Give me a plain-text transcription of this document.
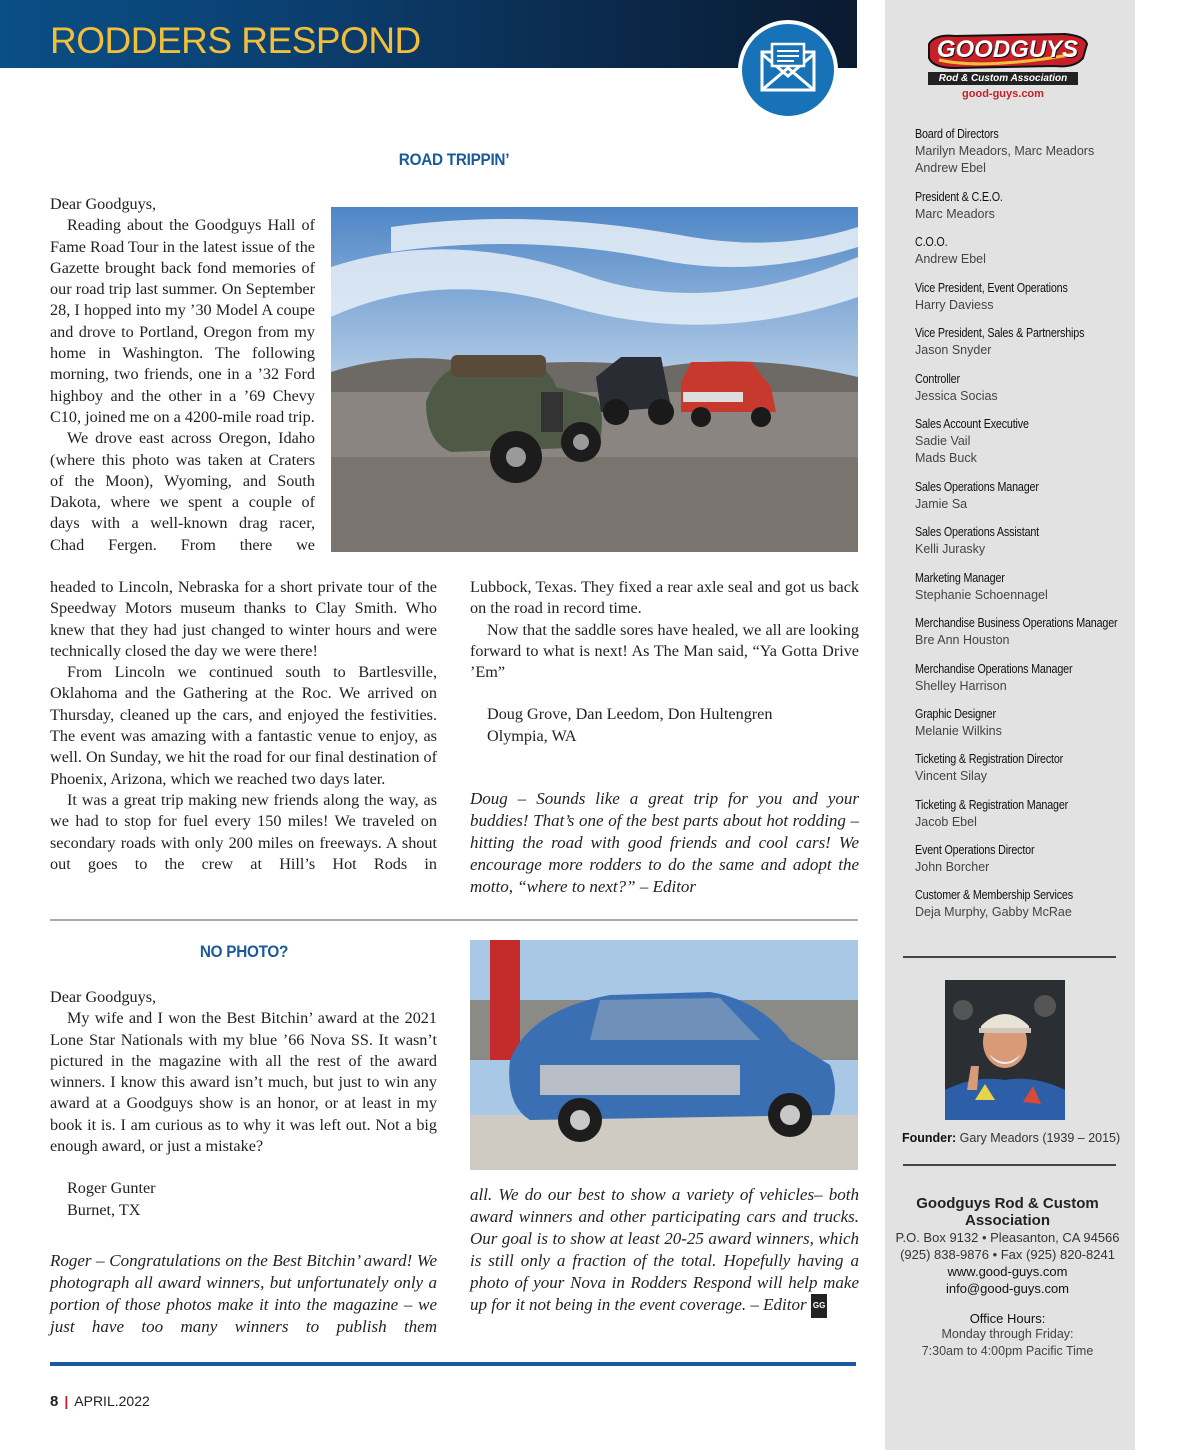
RODDERS RESPOND	GOODGUYS
Rod & Custom Association
good-guys.com
Board of Directors
Marilyn Meadors, Marc Meadors
Andrew Ebel
President & C.E.O.
Marc Meadors
C.O.O.
Andrew Ebel
Vice President, Event Operations
Harry Daviess
Vice President, Sales & Partnerships
Jason Snyder
Controller
Jessica Socias
Sales Account Executive
Sadie Vail
Mads Buck
Sales Operations Manager
Jamie Sa
Sales Operations Assistant
Kelli Jurasky
Marketing Manager
Stephanie Schoennagel
Merchandise Business Operations Manager
Bre Ann Houston
Merchandise Operations Manager
Shelley Harrison
Graphic Designer
Melanie Wilkins
Ticketing & Registration Director
Vincent Silay
Ticketing & Registration Manager
Jacob Ebel
Event Operations Director
John Borcher
Customer & Membership Services
Deja Murphy, Gabby McRae
Founder: Gary Meadors (1939 – 2015)
Goodguys Rod & Custom Association
P.O. Box 9132 • Pleasanton, CA 94566
(925) 838-9876 • Fax (925) 820-8241
www.good-guys.com
info@good-guys.com
Office Hours:
Monday through Friday:
7:30am to 4:00pm Pacific Time
ROAD TRIPPIN’

Dear Goodguys,

Reading about the Goodguys Hall of Fame Road Tour in the latest issue of the Gazette brought back fond memories of our road trip last summer. On September 28, I hopped into my ’30 Model A coupe and drove to Portland, Oregon from my home in Washington. The following morning, two friends, one in a ’32 Ford highboy and the other in a ’69 Chevy C10, joined me on a 4200-mile road trip.

We drove east across Oregon, Idaho (where this photo was taken at Craters of the Moon), Wyoming, and South Dakota, where we spent a couple of days with a well-known drag racer, Chad Fergen. From there we

headed to Lincoln, Nebraska for a short private tour of the Speedway Motors museum thanks to Clay Smith. Who knew that they had just changed to winter hours and were technically closed the day we were there!

From Lincoln we continued south to Bartlesville, Oklahoma and the Gathering at the Roc. We arrived on Thursday, cleaned up the cars, and enjoyed the festivities. The event was amazing with a fantastic venue to enjoy, as well. On Sunday, we hit the road for our final destination of Phoenix, Arizona, which we reached two days later.

It was a great trip making new friends along the way, as we had to stop for fuel every 150 miles! We traveled on secondary roads with only 200 miles on freeways. A shout out goes to the crew at Hill’s Hot Rods in

Lubbock, Texas. They fixed a rear axle seal and got us back on the road in record time.

Now that the saddle sores have healed, we all are looking forward to what is next! As The Man said, “Ya Gotta Drive ’Em”

Doug Grove, Dan Leedom, Don Hultengren

Olympia, WA

Doug – Sounds like a great trip for you and your buddies! That’s one of the best parts about hot rodding – hitting the road with good friends and cool cars! We encourage more rodders to do the same and adopt the motto, “where to next?” – Editor

NO PHOTO?

Dear Goodguys,

My wife and I won the Best Bitchin’ award at the 2021 Lone Star Nationals with my blue ’66 Nova SS. It wasn’t pictured in the magazine with all the rest of the award winners. I know this award isn’t much, but just to win any award at a Goodguys show is an honor, or at least in my book it is. I am curious as to why it was left out. Not a big enough award, or just a mistake?

Roger Gunter

Burnet, TX

Roger – Congratulations on the Best Bitchin’ award! We photograph all award winners, but unfortunately only a portion of those photos make it into the magazine – we just have too many winners to publish them

all. We do our best to show a variety of vehicles– both award winners and other participating cars and trucks. Our goal is to show at least 20-25 award winners, which is still only a fraction of the total. Hopefully having a photo of your Nova in Rodders Respond will help make up for it not being in the event coverage. – Editor GG

8 | APRIL.2022
